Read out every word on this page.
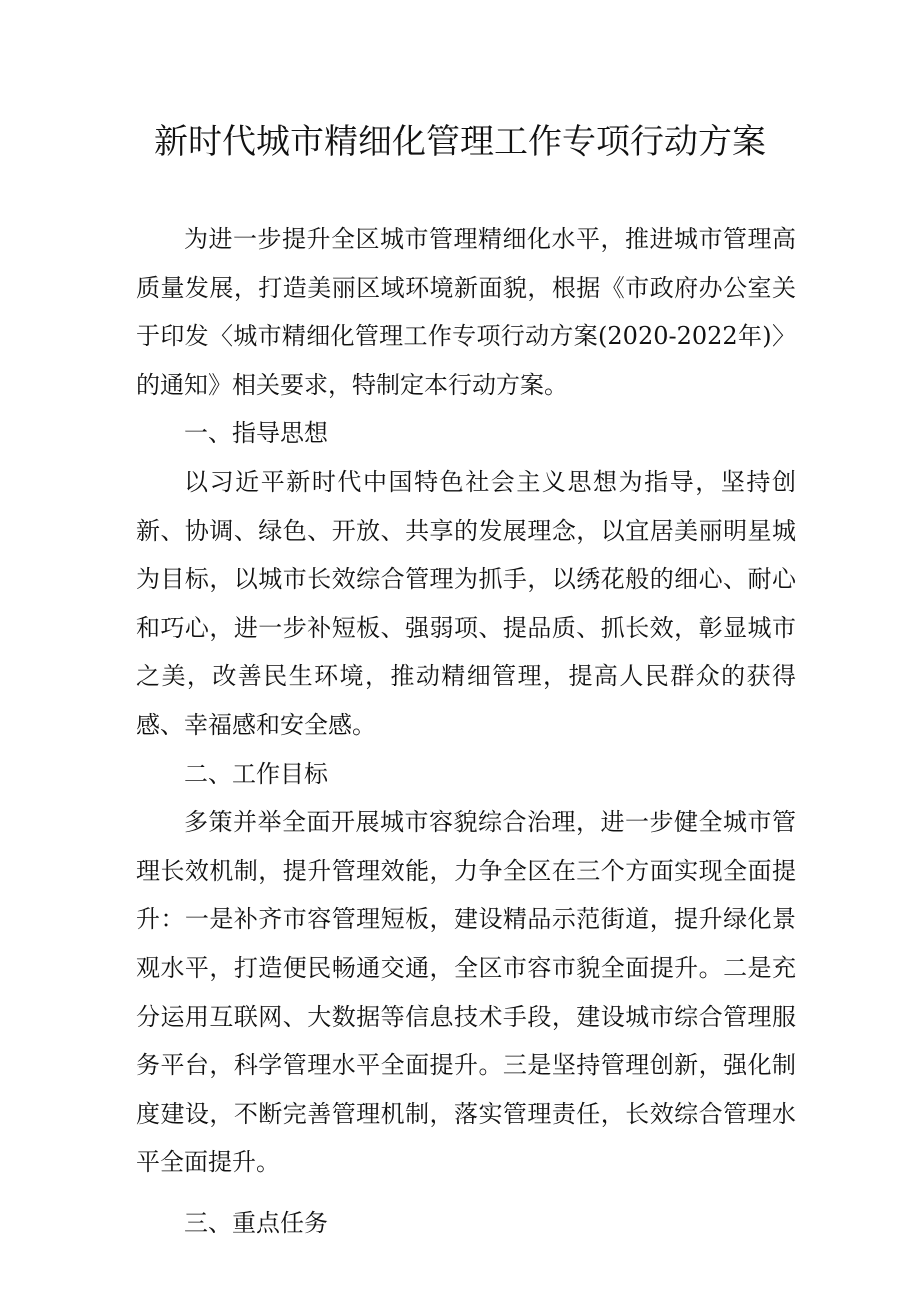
新时代城市精细化管理工作专项行动方案

为进一步提升全区城市管理精细化水平，推进城市管理高质量发展，打造美丽区域环境新面貌，根据《市政府办公室关于印发〈城市精细化管理工作专项行动方案(2020-2022年)〉的通知》相关要求，特制定本行动方案。

一、指导思想

以习近平新时代中国特色社会主义思想为指导，坚持创新、协调、绿色、开放、共享的发展理念，以宜居美丽明星城为目标，以城市长效综合管理为抓手，以绣花般的细心、耐心和巧心，进一步补短板、强弱项、提品质、抓长效，彰显城市之美，改善民生环境，推动精细管理，提高人民群众的获得感、幸福感和安全感。

二、工作目标

多策并举全面开展城市容貌综合治理，进一步健全城市管理长效机制，提升管理效能，力争全区在三个方面实现全面提升：一是补齐市容管理短板，建设精品示范街道，提升绿化景观水平，打造便民畅通交通，全区市容市貌全面提升。二是充分运用互联网、大数据等信息技术手段，建设城市综合管理服务平台，科学管理水平全面提升。三是坚持管理创新，强化制度建设，不断完善管理机制，落实管理责任，长效综合管理水平全面提升。

三、重点任务
